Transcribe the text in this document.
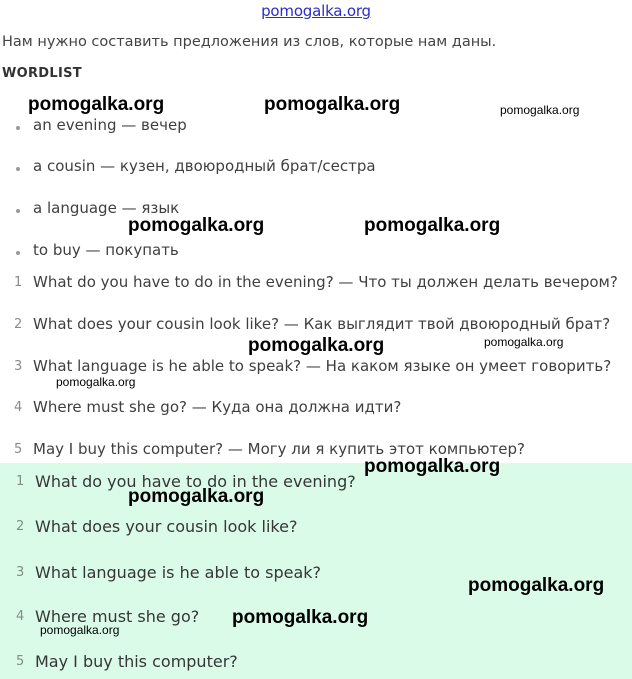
pomogalka.org
Нам нужно составить предложения из слов, которые нам даны.
WORDLIST
an evening — вечер
a cousin — кузен, двоюродный брат/сестра
a language — язык
to buy — покупать
1 What do you have to do in the evening? — Что ты должен делать вечером?
2 What does your cousin look like? — Как выглядит твой двоюродный брат?
3 What language is he able to speak? — На каком языке он умеет говорить?
4 Where must she go? — Куда она должна идти?
5 May I buy this computer? — Могу ли я купить этот компьютер?
1 What do you have to do in the evening?
2 What does your cousin look like?
3 What language is he able to speak?
4 Where must she go?
5 May I buy this computer?
pomogalka.org	pomogalka.org	pomogalka.org
pomogalka.org	pomogalka.org
pomogalka.org	pomogalka.org
pomogalka.org
pomogalka.org
pomogalka.org
pomogalka.org
pomogalka.org
pomogalka.org
